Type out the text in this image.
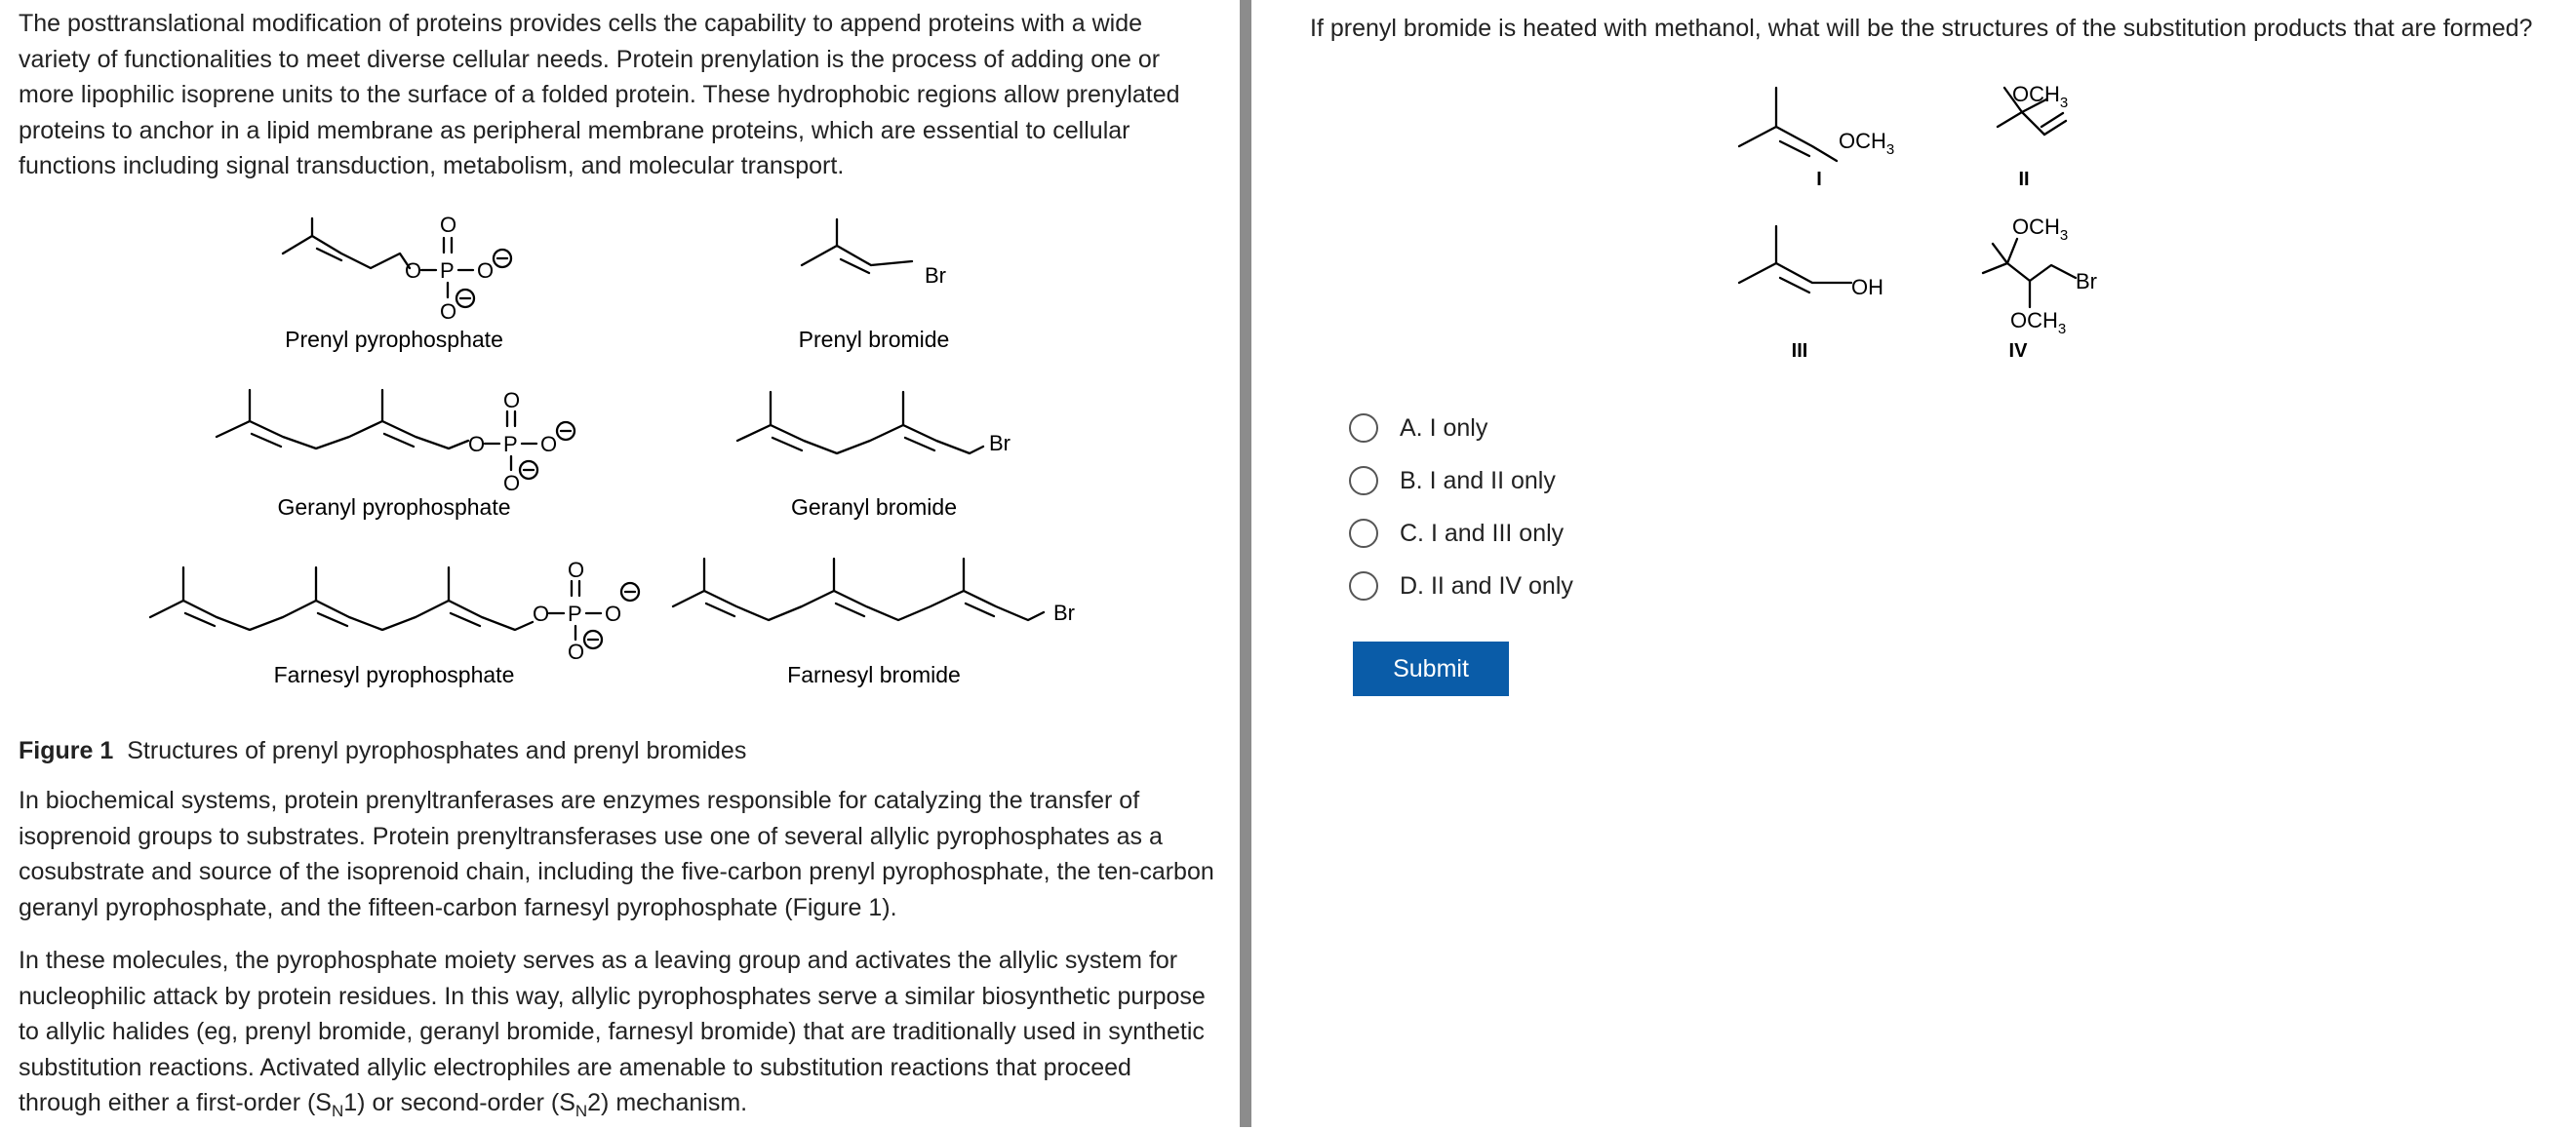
The posttranslational modification of proteins provides cells the capability to append proteins with a wide variety of functionalities to meet diverse cellular needs. Protein prenylation is the process of adding one or more lipophilic isoprene units to the surface of a folded protein. These hydrophobic regions allow prenylated proteins to anchor in a lipid membrane as peripheral membrane proteins, which are essential to cellular functions including signal transduction, metabolism, and molecular transport.

O P O
O
O
Prenyl pyrophosphate
Br
Prenyl bromide
O P O
O
O
Geranyl pyrophosphate
Br
Geranyl bromide
O P O
O
O
Farnesyl pyrophosphate
Br
Farnesyl bromide
Figure 1 Structures of prenyl pyrophosphates and prenyl bromides

In biochemical systems, protein prenyltranferases are enzymes responsible for catalyzing the transfer of isoprenoid groups to substrates. Protein prenyltransferases use one of several allylic pyrophosphates as a cosubstrate and source of the isoprenoid chain, including the five-carbon prenyl pyrophosphate, the ten-carbon geranyl pyrophosphate, and the fifteen-carbon farnesyl pyrophosphate (Figure 1).

In these molecules, the pyrophosphate moiety serves as a leaving group and activates the allylic system for nucleophilic attack by protein residues. In this way, allylic pyrophosphates serve a similar biosynthetic purpose to allylic halides (eg, prenyl bromide, geranyl bromide, farnesyl bromide) that are traditionally used in synthetic substitution reactions. Activated allylic electrophiles are amenable to substitution reactions that proceed through either a first-order $(S_N1)$ or second-order $(S_N2)$ mechanism.

If prenyl bromide is heated with methanol, what will be the structures of the substitution products that are formed?
$OCH_3$
I
$OCH_3$
II
OH
III
$OCH_3$
Br
$OCH_3$
IV
A. I only
B. I and II only
C. I and III only
D. II and IV only
Submit
